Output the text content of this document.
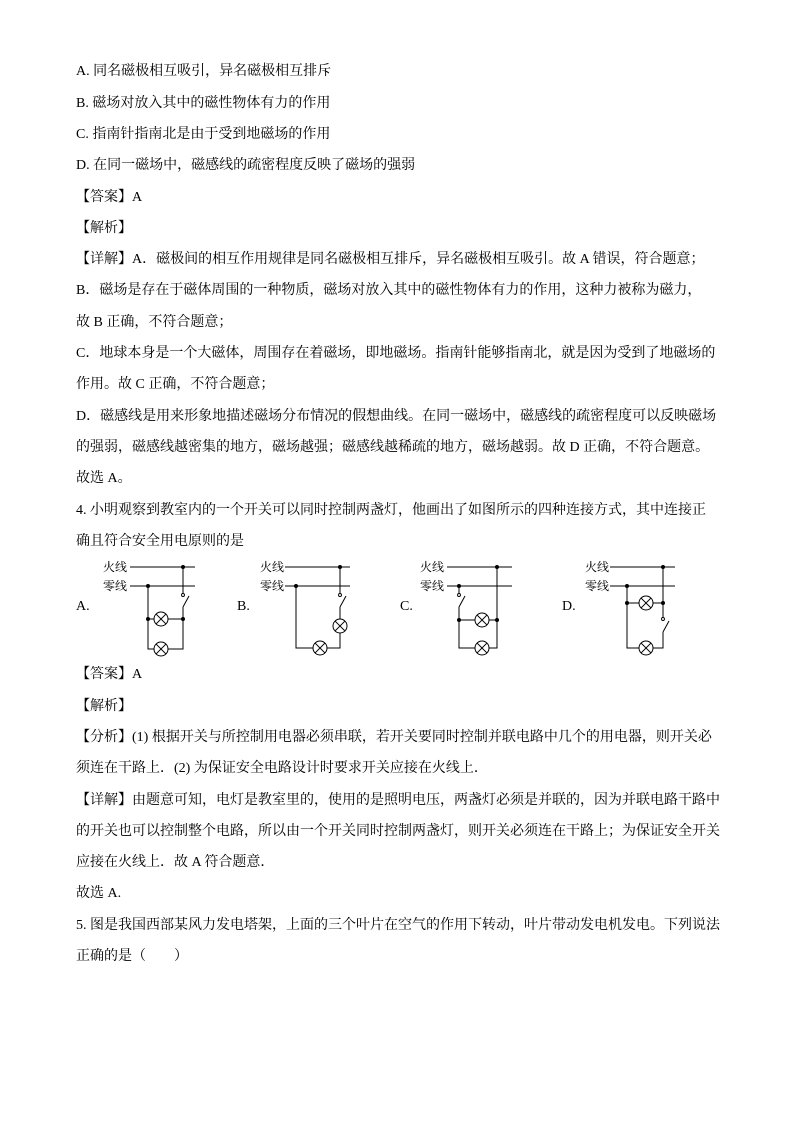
A. 同名磁极相互吸引，异名磁极相互排斥
B. 磁场对放入其中的磁性物体有力的作用
C. 指南针指南北是由于受到地磁场的作用
D. 在同一磁场中，磁感线的疏密程度反映了磁场的强弱
【答案】A
【解析】
【详解】A．磁极间的相互作用规律是同名磁极相互排斥，异名磁极相互吸引。故 A 错误，符合题意；
B．磁场是存在于磁体周围的一种物质，磁场对放入其中的磁性物体有力的作用，这种力被称为磁力，
故 B 正确，不符合题意；
C．地球本身是一个大磁体，周围存在着磁场，即地磁场。指南针能够指南北，就是因为受到了地磁场的
作用。故 C 正确，不符合题意；
D．磁感线是用来形象地描述磁场分布情况的假想曲线。在同一磁场中，磁感线的疏密程度可以反映磁场
的强弱，磁感线越密集的地方，磁场越强；磁感线越稀疏的地方，磁场越弱。故 D 正确，不符合题意。
故选 A。
4. 小明观察到教室内的一个开关可以同时控制两盏灯，他画出了如图所示的四种连接方式，其中连接正
确且符合安全用电原则的是
A.	B.	C.	D.
火线
零线
火线
零线
火线
零线
火线
零线
【答案】A
【解析】
【分析】(1) 根据开关与所控制用电器必须串联，若开关要同时控制并联电路中几个的用电器，则开关必
须连在干路上．(2) 为保证安全电路设计时要求开关应接在火线上．
【详解】由题意可知，电灯是教室里的，使用的是照明电压，两盏灯必须是并联的，因为并联电路干路中
的开关也可以控制整个电路，所以由一个开关同时控制两盏灯，则开关必须连在干路上；为保证安全开关
应接在火线上．故 A 符合题意．
故选 A.
5. 图是我国西部某风力发电塔架，上面的三个叶片在空气的作用下转动，叶片带动发电机发电。下列说法
正确的是（　　）
